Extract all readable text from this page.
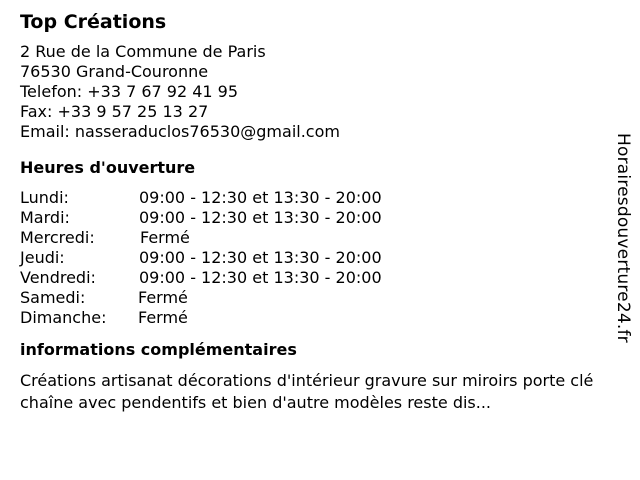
Top Créations
2 Rue de la Commune de Paris
76530 Grand-Couronne
Telefon: +33 7 67 92 41 95
Fax: +33 9 57 25 13 27
Email: nasseraduclos76530@gmail.com
Heures d'ouverture
Lundi:	09:00 - 12:30 et 13:30 - 20:00
Mardi:	09:00 - 12:30 et 13:30 - 20:00
Mercredi:	Fermé
Jeudi:	09:00 - 12:30 et 13:30 - 20:00
Vendredi:	09:00 - 12:30 et 13:30 - 20:00
Samedi:	Fermé
Dimanche: Fermé
informations complémentaires
Créations artisanat décorations d'intérieur gravure sur miroirs porte clé chaîne avec pendentifs et bien d'autre modèles reste dis...
Horairesdouverture24.fr
